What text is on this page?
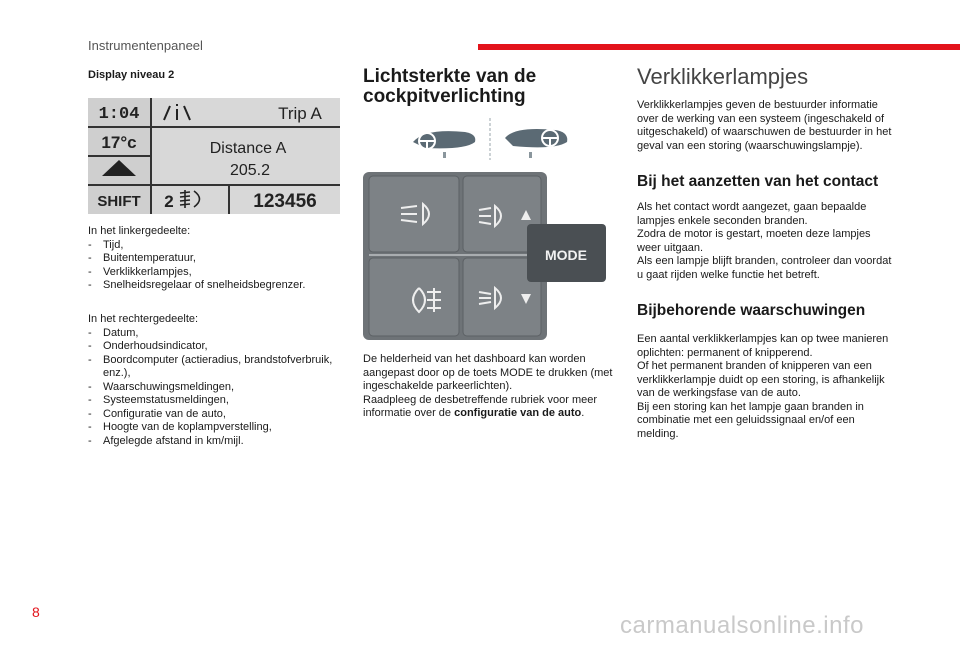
Instrumentenpaneel
Display niveau 2
1:04	Trip A
17°c	Distance A
205.2
SHIFT 2	123456
In het linkergedeelte:
- Tijd,
- Buitentemperatuur,
- Verklikkerlampjes,
- Snelheidsregelaar of snelheidsbegrenzer.
In het rechtergedeelte:
- Datum,
- Onderhoudsindicator,
- Boordcomputer (actieradius, brandstofverbruik, enz.),
- Waarschuwingsmeldingen,
- Systeemstatusmeldingen,
- Configuratie van de auto,
- Hoogte van de koplampverstelling,
- Afgelegde afstand in km/mijl.
Lichtsterkte van de
cockpitverlichting
MODE

De helderheid van het dashboard kan worden aangepast door op de toets MODE te drukken (met ingeschakelde parkeerlichten).

Raadpleeg de desbetreffende rubriek voor meer informatie over de configuratie van de auto.

Verklikkerlampjes

Verklikkerlampjes geven de bestuurder informatie over de werking van een systeem (ingeschakeld of uitgeschakeld) of waarschuwen de bestuurder in het geval van een storing (waarschuwingslampje).

Bij het aanzetten van het contact

Als het contact wordt aangezet, gaan bepaalde lampjes enkele seconden branden.

Zodra de motor is gestart, moeten deze lampjes weer uitgaan.

Als een lampje blijft branden, controleer dan voordat u gaat rijden welke functie het betreft.

Bijbehorende waarschuwingen

Een aantal verklikkerlampjes kan op twee manieren oplichten: permanent of knipperend.

Of het permanent branden of knipperen van een verklikkerlampje duidt op een storing, is afhankelijk van de werkingsfase van de auto.

Bij een storing kan het lampje gaan branden in combinatie met een geluidssignaal en/of een melding.

8	carmanualsonline.info
